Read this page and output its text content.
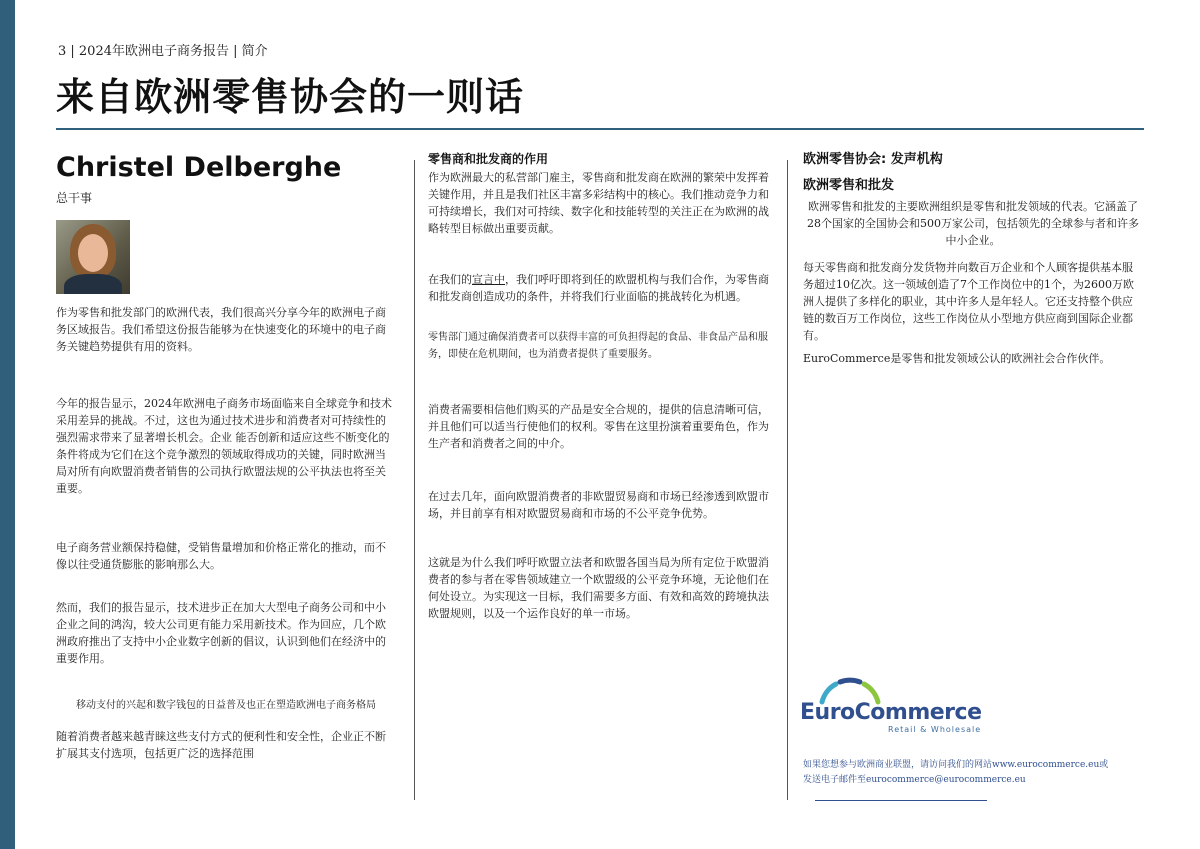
3 | 2024年欧洲电子商务报告 | 简介
来自欧洲零售协会的一则话
Christel Delberghe
总干事

作为零售和批发部门的欧洲代表，我们很高兴分享今年的欧洲电子商务区域报告。我们希望这份报告能够为在快速变化的环境中的电子商务关键趋势提供有用的资料。

今年的报告显示，2024年欧洲电子商务市场面临来自全球竞争和技术采用差异的挑战。不过，这也为通过技术进步和消费者对可持续性的强烈需求带来了显著增长机会。企业 能否创新和适应这些不断变化的条件将成为它们在这个竞争激烈的领域取得成功的关键，同时欧洲当局对所有向欧盟消费者销售的公司执行欧盟法规的公平执法也将至关重要。

电子商务营业额保持稳健，受销售量增加和价格正常化的推动，而不像以往受通货膨胀的影响那么大。

然而，我们的报告显示，技术进步正在加大大型电子商务公司和中小企业之间的鸿沟，较大公司更有能力采用新技术。作为回应，几个欧洲政府推出了支持中小企业数字创新的倡议，认识到他们在经济中的重要作用。

移动支付的兴起和数字钱包的日益普及也正在塑造欧洲电子商务格局

随着消费者越来越青睐这些支付方式的便利性和安全性，企业正不断扩展其支付选项，包括更广泛的选择范围

零售商和批发商的作用

作为欧洲最大的私营部门雇主，零售商和批发商在欧洲的繁荣中发挥着关键作用，并且是我们社区丰富多彩结构中的核心。我们推动竞争力和可持续增长，我们对可持续、数字化和技能转型的关注正在为欧洲的战略转型目标做出重要贡献。

在我们的宣言中，我们呼吁即将到任的欧盟机构与我们合作，为零售商和批发商创造成功的条件，并将我们行业面临的挑战转化为机遇。

零售部门通过确保消费者可以获得丰富的可负担得起的食品、非食品产品和服务，即使在危机期间，也为消费者提供了重要服务。

消费者需要相信他们购买的产品是安全合规的，提供的信息清晰可信，并且他们可以适当行使他们的权利。零售在这里扮演着重要角色，作为生产者和消费者之间的中介。

在过去几年，面向欧盟消费者的非欧盟贸易商和市场已经渗透到欧盟市场，并目前享有相对欧盟贸易商和市场的不公平竞争优势。

这就是为什么我们呼吁欧盟立法者和欧盟各国当局为所有定位于欧盟消费者的参与者在零售领域建立一个欧盟级的公平竞争环境，无论他们在何处设立。为实现这一目标，我们需要多方面、有效和高效的跨境执法欧盟规则，以及一个运作良好的单一市场。

欧洲零售协会: 发声机构
欧洲零售和批发

欧洲零售和批发的主要欧洲组织是零售和批发领域的代表。它涵盖了28个国家的全国协会和500万家公司，包括领先的全球参与者和许多中小企业。

每天零售商和批发商分发货物并向数百万企业和个人顾客提供基本服务超过10亿次。这一领域创造了7个工作岗位中的1个，为2600万欧洲人提供了多样化的职业，其中许多人是年轻人。它还支持整个供应链的数百万工作岗位，这些工作岗位从小型地方供应商到国际企业都有。

EuroCommerce是零售和批发领域公认的欧洲社会合作伙伴。

EuroCommerce
Retail & Wholesale

如果您想参与欧洲商业联盟，请访问我们的网站www.eurocommerce.eu或发送电子邮件至eurocommerce@eurocommerce.eu
